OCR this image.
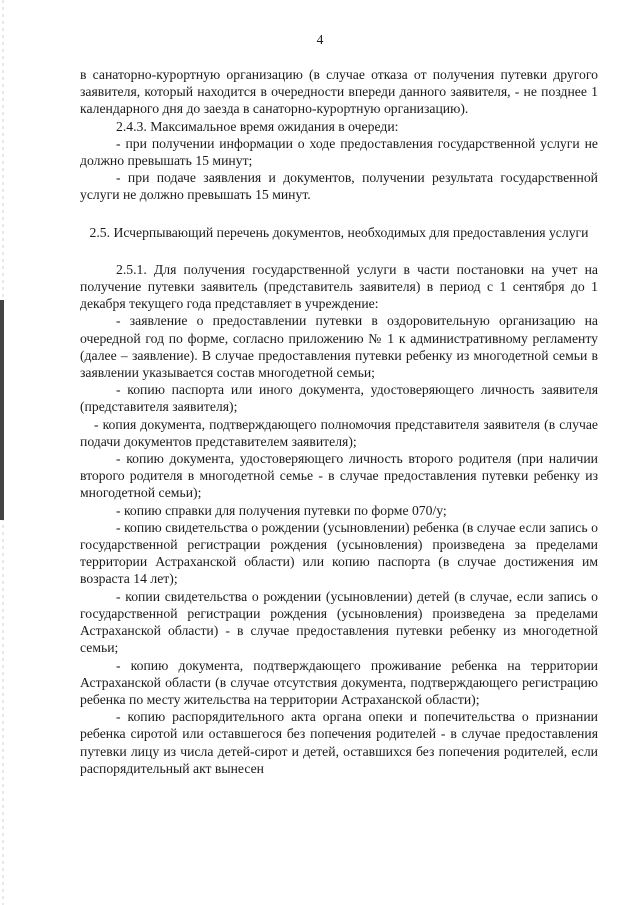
4

в санаторно-курортную организацию (в случае отказа от получения путевки другого заявителя, который находится в очередности впереди данного заявителя, - не позднее 1 календарного дня до заезда в санаторно-курортную организацию).

2.4.3. Максимальное время ожидания в очереди:

- при получении информации о ходе предоставления государственной услуги не должно превышать 15 минут;

- при подаче заявления и документов, получении результата государственной услуги не должно превышать 15 минут.

2.5. Исчерпывающий перечень документов, необходимых для предоставления услуги

2.5.1. Для получения государственной услуги в части постановки на учет на получение путевки заявитель (представитель заявителя) в период с 1 сентября до 1 декабря текущего года представляет в учреждение:

- заявление о предоставлении путевки в оздоровительную организацию на очередной год по форме, согласно приложению № 1 к административному регламенту (далее – заявление). В случае предоставления путевки ребенку из многодетной семьи в заявлении указывается состав многодетной семьи;

- копию паспорта или иного документа, удостоверяющего личность заявителя (представителя заявителя);

- копия документа, подтверждающего полномочия представителя заявителя (в случае подачи документов представителем заявителя);

- копию документа, удостоверяющего личность второго родителя (при наличии второго родителя в многодетной семье - в случае предоставления путевки ребенку из многодетной семьи);

- копию справки для получения путевки по форме 070/у;

- копию свидетельства о рождении (усыновлении) ребенка (в случае если запись о государственной регистрации рождения (усыновления) произведена за пределами территории Астраханской области) или копию паспорта (в случае достижения им возраста 14 лет);

- копии свидетельства о рождении (усыновлении) детей (в случае, если запись о государственной регистрации рождения (усыновления) произведена за пределами Астраханской области) - в случае предоставления путевки ребенку из многодетной семьи;

- копию документа, подтверждающего проживание ребенка на территории Астраханской области (в случае отсутствия документа, подтверждающего регистрацию ребенка по месту жительства на территории Астраханской области);

- копию распорядительного акта органа опеки и попечительства о признании ребенка сиротой или оставшегося без попечения родителей - в случае предоставления путевки лицу из числа детей-сирот и детей, оставшихся без попечения родителей, если распорядительный акт вынесен
